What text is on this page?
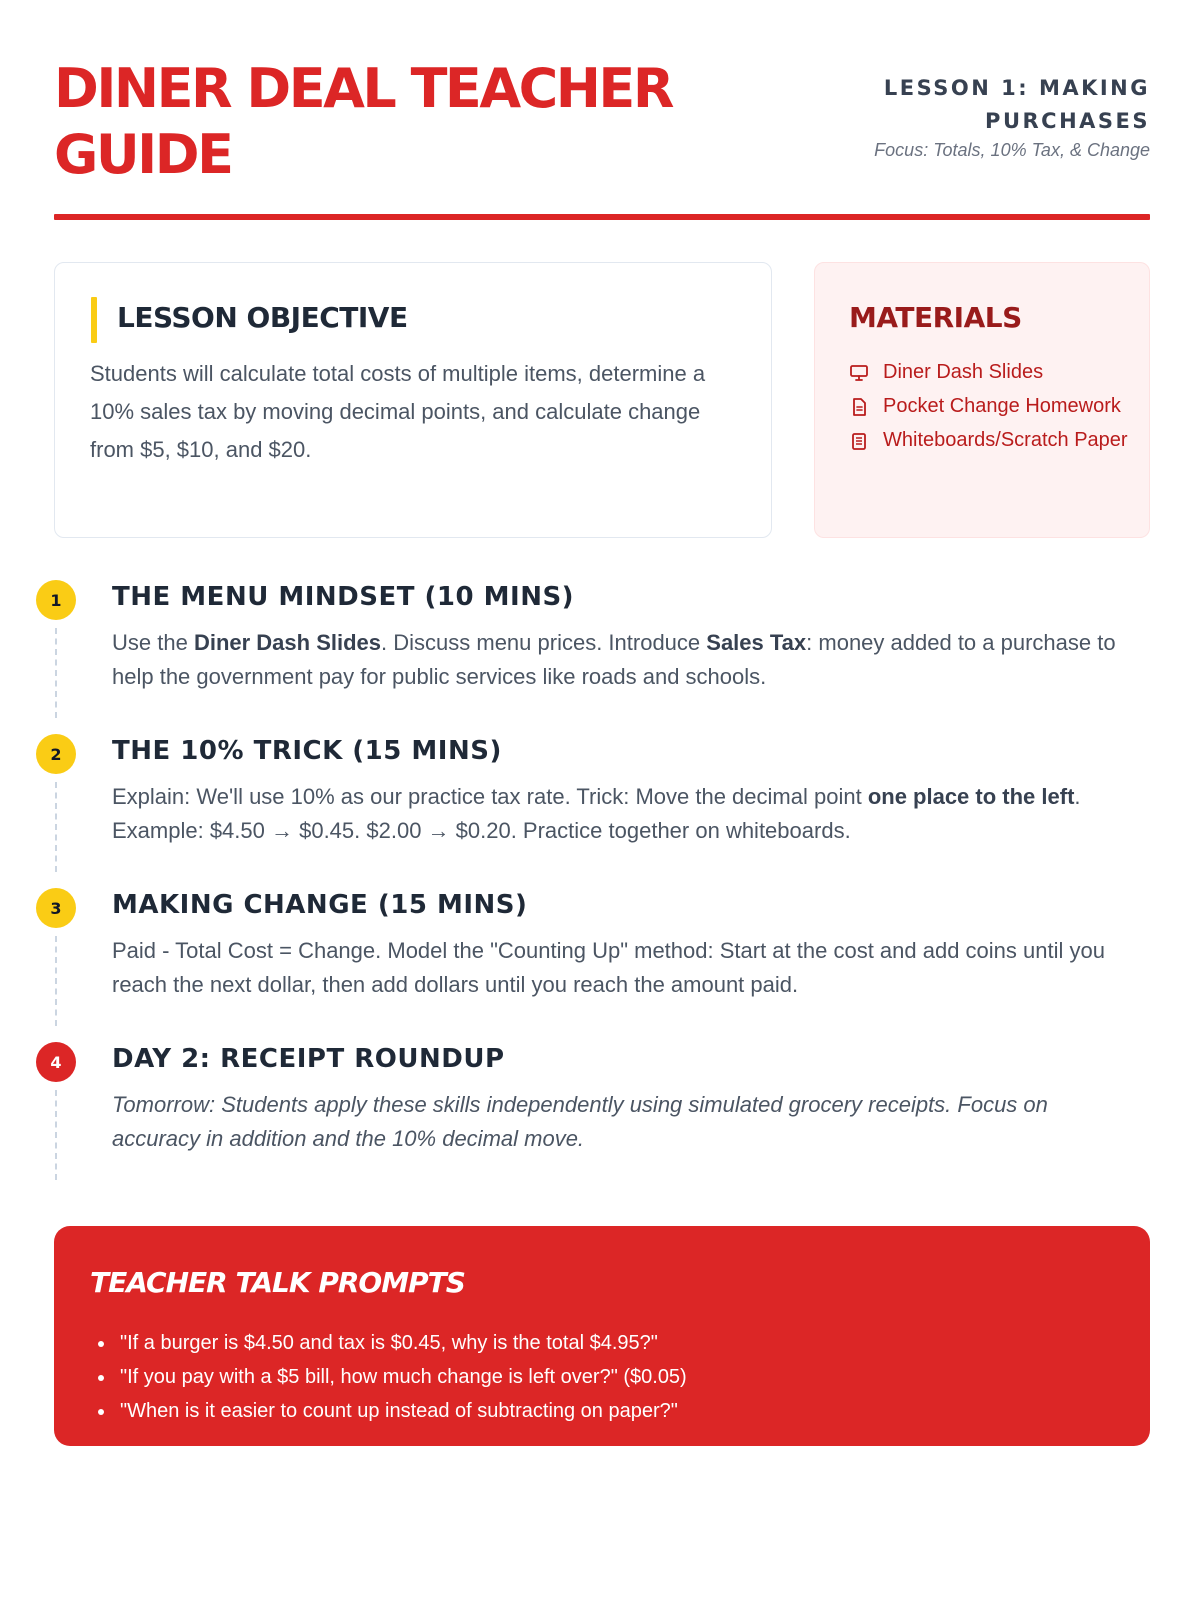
DINER DEAL TEACHER GUIDE
LESSON 1: MAKING PURCHASES
Focus: Totals, 10% Tax, & Change
LESSON OBJECTIVE

Students will calculate total costs of multiple items, determine a 10% sales tax by moving decimal points, and calculate change from $5, $10, and $20.

MATERIALS
Diner Dash Slides
Pocket Change Homework
Whiteboards/Scratch Paper
1	THE MENU MINDSET (10 MINS)

Use the Diner Dash Slides. Discuss menu prices. Introduce Sales Tax: money added to a purchase to help the government pay for public services like roads and schools.

2	THE 10% TRICK (15 MINS)

Explain: We'll use 10% as our practice tax rate. Trick: Move the decimal point one place to the left. Example: $4.50 → $0.45. $2.00 → $0.20. Practice together on whiteboards.

3	MAKING CHANGE (15 MINS)

Paid - Total Cost = Change. Model the "Counting Up" method: Start at the cost and add coins until you reach the next dollar, then add dollars until you reach the amount paid.

4	DAY 2: RECEIPT ROUNDUP

Tomorrow: Students apply these skills independently using simulated grocery receipts. Focus on accuracy in addition and the 10% decimal move.

TEACHER TALK PROMPTS
• "If a burger is $4.50 and tax is $0.45, why is the total $4.95?"
• "If you pay with a $5 bill, how much change is left over?" ($0.05)
• "When is it easier to count up instead of subtracting on paper?"
